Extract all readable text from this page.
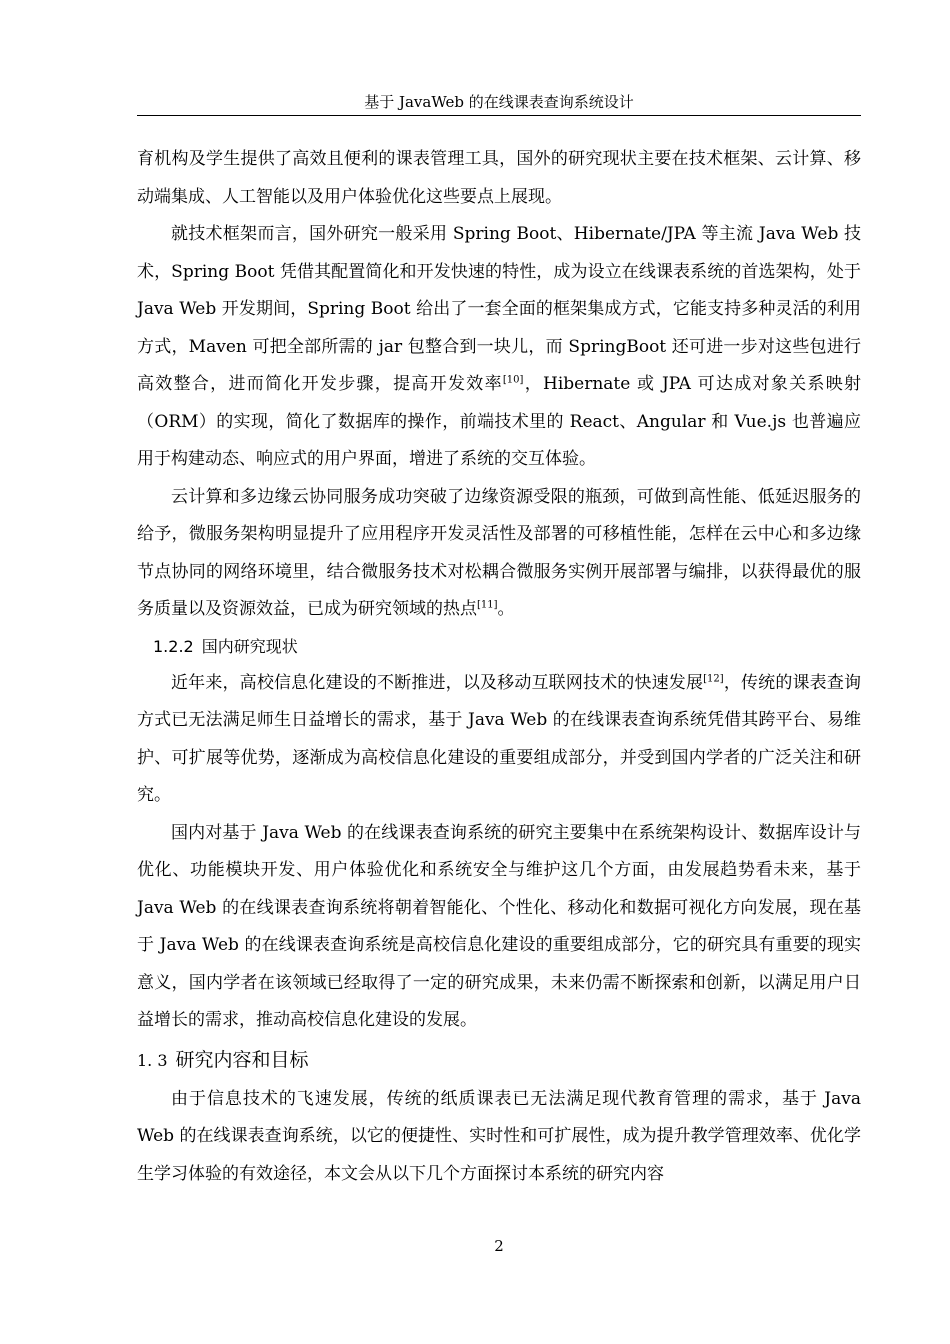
基于 JavaWeb 的在线课表查询系统设计

育机构及学生提供了高效且便利的课表管理工具，国外的研究现状主要在技术框架、云计算、移动端集成、人工智能以及用户体验优化这些要点上展现。

就技术框架而言，国外研究一般采用 Spring Boot、Hibernate/JPA 等主流 Java Web 技术，Spring Boot 凭借其配置简化和开发快速的特性，成为设立在线课表系统的首选架构，处于 Java Web 开发期间，Spring Boot 给出了一套全面的框架集成方式，它能支持多种灵活的利用方式，Maven 可把全部所需的 jar 包整合到一块儿，而 SpringBoot 还可进一步对这些包进行高效整合，进而简化开发步骤，提高开发效率[10]，Hibernate 或 JPA 可达成对象关系映射（ORM）的实现，简化了数据库的操作，前端技术里的 React、Angular 和 Vue.js 也普遍应用于构建动态、响应式的用户界面，增进了系统的交互体验。

云计算和多边缘云协同服务成功突破了边缘资源受限的瓶颈，可做到高性能、低延迟服务的给予，微服务架构明显提升了应用程序开发灵活性及部署的可移植性能，怎样在云中心和多边缘节点协同的网络环境里，结合微服务技术对松耦合微服务实例开展部署与编排，以获得最优的服务质量以及资源效益，已成为研究领域的热点[11]。

1.2.2 国内研究现状

近年来，高校信息化建设的不断推进，以及移动互联网技术的快速发展[12]，传统的课表查询方式已无法满足师生日益增长的需求，基于 Java Web 的在线课表查询系统凭借其跨平台、易维护、可扩展等优势，逐渐成为高校信息化建设的重要组成部分，并受到国内学者的广泛关注和研究。

国内对基于 Java Web 的在线课表查询系统的研究主要集中在系统架构设计、数据库设计与优化、功能模块开发、用户体验优化和系统安全与维护这几个方面，由发展趋势看未来，基于 Java Web 的在线课表查询系统将朝着智能化、个性化、移动化和数据可视化方向发展，现在基于 Java Web 的在线课表查询系统是高校信息化建设的重要组成部分，它的研究具有重要的现实意义，国内学者在该领域已经取得了一定的研究成果，未来仍需不断探索和创新，以满足用户日益增长的需求，推动高校信息化建设的发展。

1. 3 研究内容和目标

由于信息技术的飞速发展，传统的纸质课表已无法满足现代教育管理的需求，基于 Java Web 的在线课表查询系统，以它的便捷性、实时性和可扩展性，成为提升教学管理效率、优化学生学习体验的有效途径，本文会从以下几个方面探讨本系统的研究内容

2
